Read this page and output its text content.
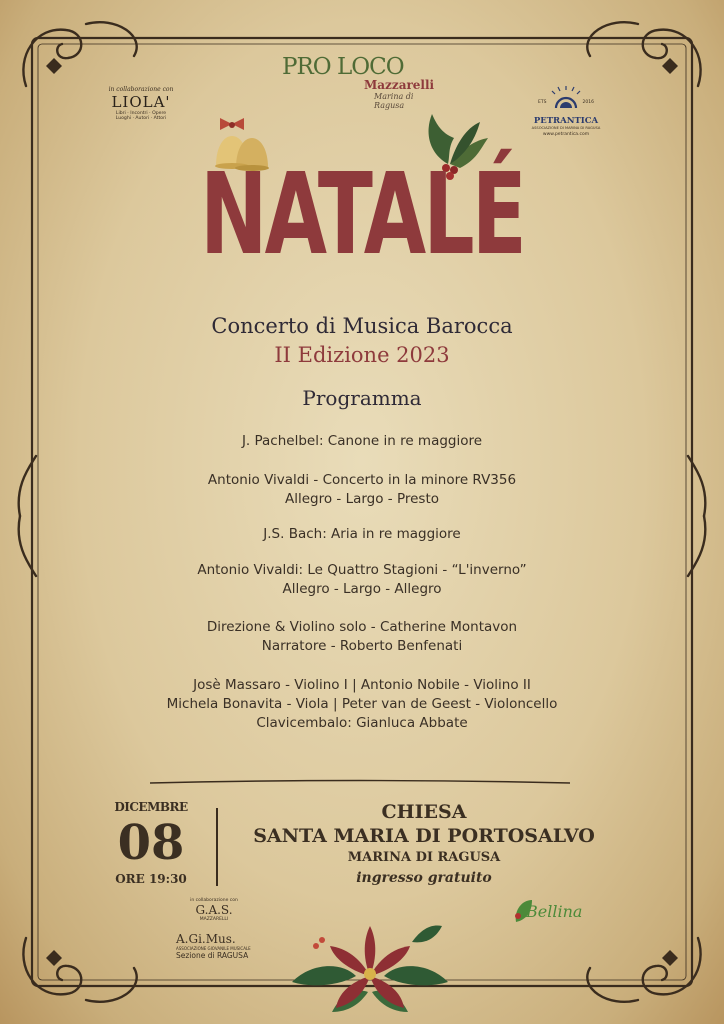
PRO LOCO
Mazzarelli
Marina di Ragusa
in collaborazione con
LIOLA'
Libri · Incontri · Opere
Luoghi · Autori · Attori
ETS	2016
PETRANTICA
ASSOCIAZIONE DI MARINA DI RAGUSA
www.petrantica.com
NATALÉ
Concerto di Musica Barocca
II Edizione 2023
Programma
J. Pachelbel: Canone in re maggiore
Antonio Vivaldi - Concerto in la minore RV356
Allegro - Largo - Presto
J.S. Bach: Aria in re maggiore
Antonio Vivaldi: Le Quattro Stagioni - “L'inverno”
Allegro - Largo - Allegro
Direzione & Violino solo - Catherine Montavon
Narratore - Roberto Benfenati
Josè Massaro - Violino I | Antonio Nobile - Violino II
Michela Bonavita - Viola | Peter van de Geest - Violoncello
Clavicembalo: Gianluca Abbate
DICEMBRE
08
ORE 19:30
CHIESA
SANTA MARIA DI PORTOSALVO
MARINA DI RAGUSA
ingresso gratuito
in collaborazione con
G.A.S.
MAZZARELLI
A.Gi.Mus.
ASSOCIAZIONE GIOVANILE MUSICALE
Sezione di RAGUSA
Bellina
